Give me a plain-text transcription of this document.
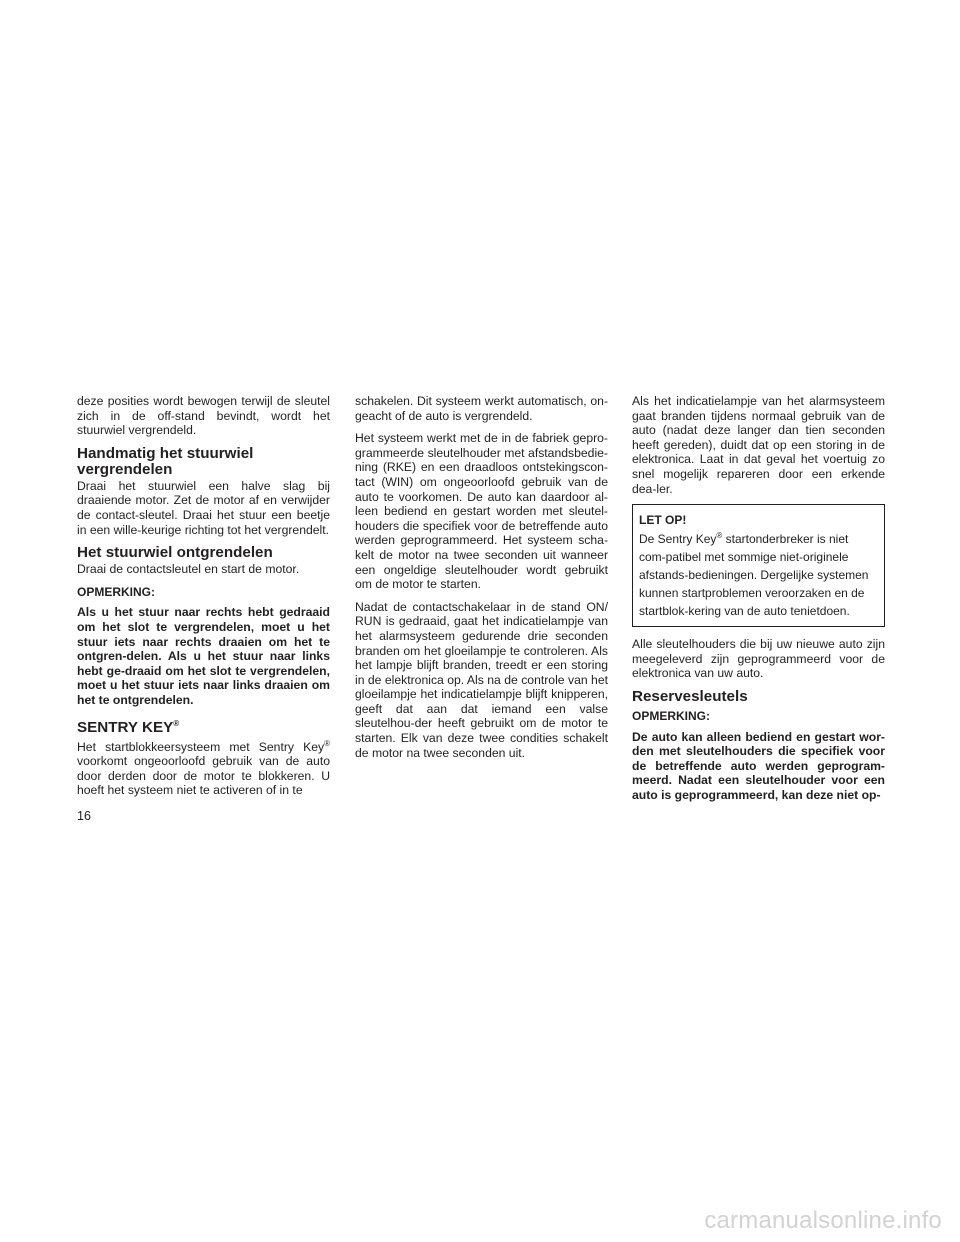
deze posities wordt bewogen terwijl de sleutel zich in de off-stand bevindt, wordt het stuurwiel vergrendeld.

Handmatig het stuurwiel vergrendelen

Draai het stuurwiel een halve slag bij draaiende motor. Zet de motor af en verwijder de contact-sleutel. Draai het stuur een beetje in een wille-keurige richting tot het vergrendelt.

Het stuurwiel ontgrendelen

Draai de contactsleutel en start de motor.

OPMERKING:

Als u het stuur naar rechts hebt gedraaid om het slot te vergrendelen, moet u het stuur iets naar rechts draaien om het te ontgren-delen. Als u het stuur naar links hebt ge-draaid om het slot te vergrendelen, moet u het stuur iets naar links draaien om het te ontgrendelen.

SENTRY KEY®

Het startblokkeersysteem met Sentry Key® voorkomt ongeoorloofd gebruik van de auto door derden door de motor te blokkeren. U hoeft het systeem niet te activeren of in te

schakelen. Dit systeem werkt automatisch, on-geacht of de auto is vergrendeld.

Het systeem werkt met de in de fabriek gepro-grammeerde sleutelhouder met afstandsbedie-ning (RKE) en een draadloos ontstekingscon-tact (WIN) om ongeoorloofd gebruik van de auto te voorkomen. De auto kan daardoor al-leen bediend en gestart worden met sleutel-houders die specifiek voor de betreffende auto werden geprogrammeerd. Het systeem scha-kelt de motor na twee seconden uit wanneer een ongeldige sleutelhouder wordt gebruikt om de motor te starten.

Nadat de contactschakelaar in de stand ON/ RUN is gedraaid, gaat het indicatielampje van het alarmsysteem gedurende drie seconden branden om het gloeilampje te controleren. Als het lampje blijft branden, treedt er een storing in de elektronica op. Als na de controle van het gloeilampje het indicatielampje blijft knipperen, geeft dat aan dat iemand een valse sleutelhou-der heeft gebruikt om de motor te starten. Elk van deze twee condities schakelt de motor na twee seconden uit.

Als het indicatielampje van het alarmsysteem gaat branden tijdens normaal gebruik van de auto (nadat deze langer dan tien seconden heeft gereden), duidt dat op een storing in de elektronica. Laat in dat geval het voertuig zo snel mogelijk repareren door een erkende dea-ler.

LET OP!
De Sentry Key® startonderbreker is niet com-patibel met sommige niet-originele afstands-bedieningen. Dergelijke systemen kunnen startproblemen veroorzaken en de startblok-kering van de auto tenietdoen.

Alle sleutelhouders die bij uw nieuwe auto zijn meegeleverd zijn geprogrammeerd voor de elektronica van uw auto.

Reservesleutels
OPMERKING:

De auto kan alleen bediend en gestart wor-den met sleutelhouders die specifiek voor de betreffende auto werden geprogram-meerd. Nadat een sleutelhouder voor een auto is geprogrammeerd, kan deze niet op-

16
carmanualsonline.info
